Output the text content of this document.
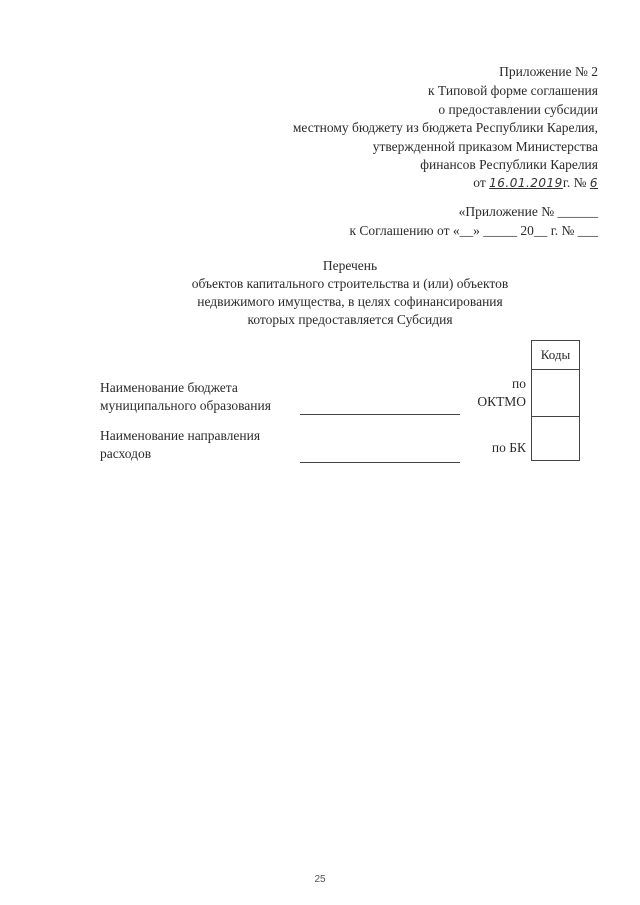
Приложение № 2
к Типовой форме соглашения
о предоставлении субсидии
местному бюджету из бюджета Республики Карелия,
утвержденной приказом Министерства
финансов Республики Карелия
от 16.01.2019г. № 6
«Приложение № ______
к Соглашению от «__» _____ 20__ г. № ___
Перечень
объектов капитального строительства и (или) объектов
недвижимого имущества, в целях софинансирования
которых предоставляется Субсидия
Наименование бюджета
муниципального образования
по
ОКТМО
Наименование направления
расходов	по БК
Коды
25
